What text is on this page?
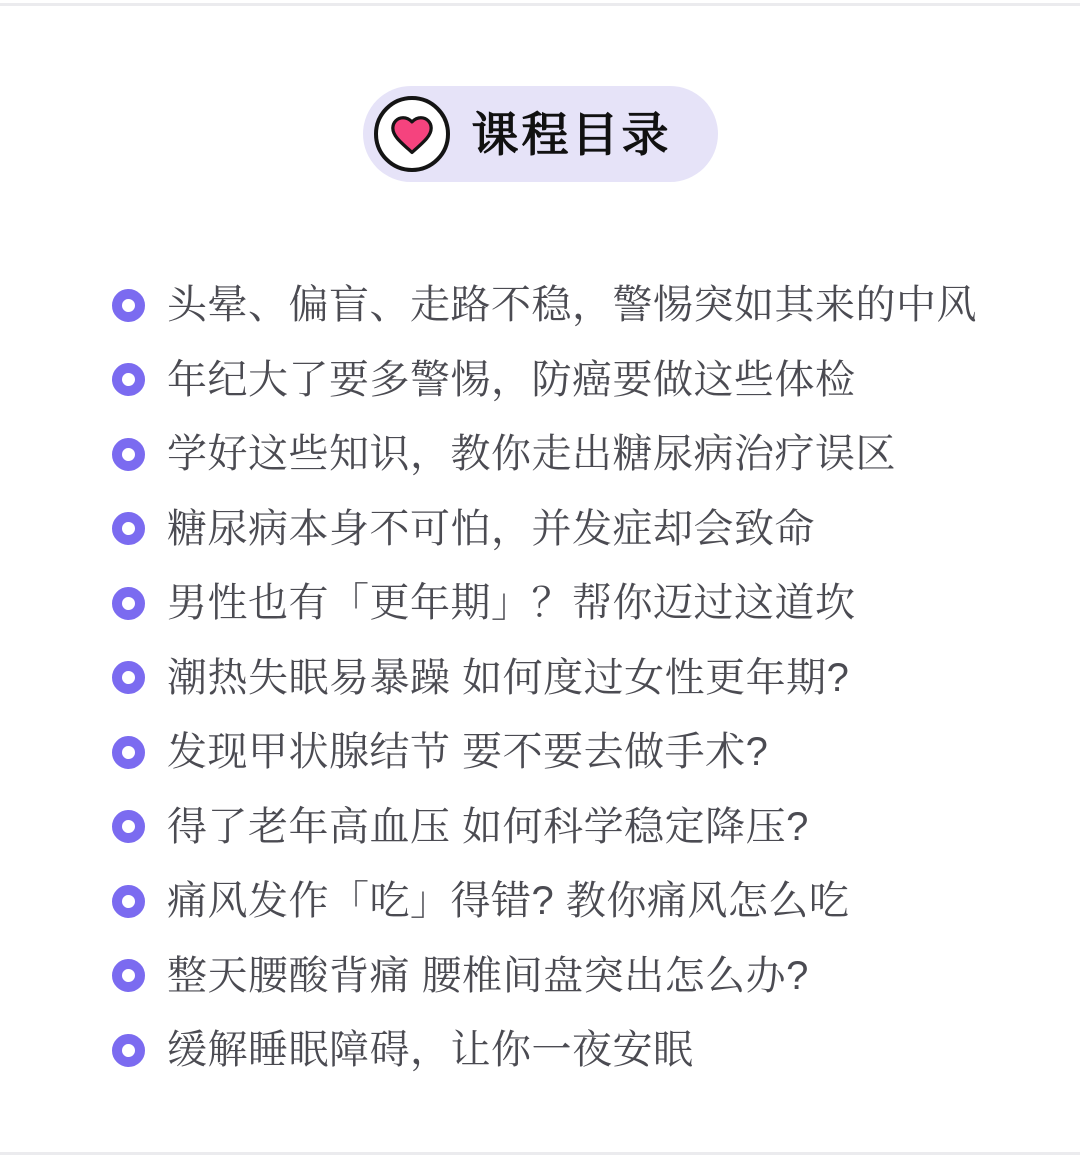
课程目录
头晕、偏盲、走路不稳，警惕突如其来的中风
年纪大了要多警惕，防癌要做这些体检
学好这些知识，教你走出糖尿病治疗误区
糖尿病本身不可怕，并发症却会致命
男性也有「更年期」？帮你迈过这道坎
潮热失眠易暴躁 如何度过女性更年期?
发现甲状腺结节 要不要去做手术?
得了老年高血压 如何科学稳定降压?
痛风发作「吃」得错? 教你痛风怎么吃
整天腰酸背痛 腰椎间盘突出怎么办?
缓解睡眠障碍，让你一夜安眠
